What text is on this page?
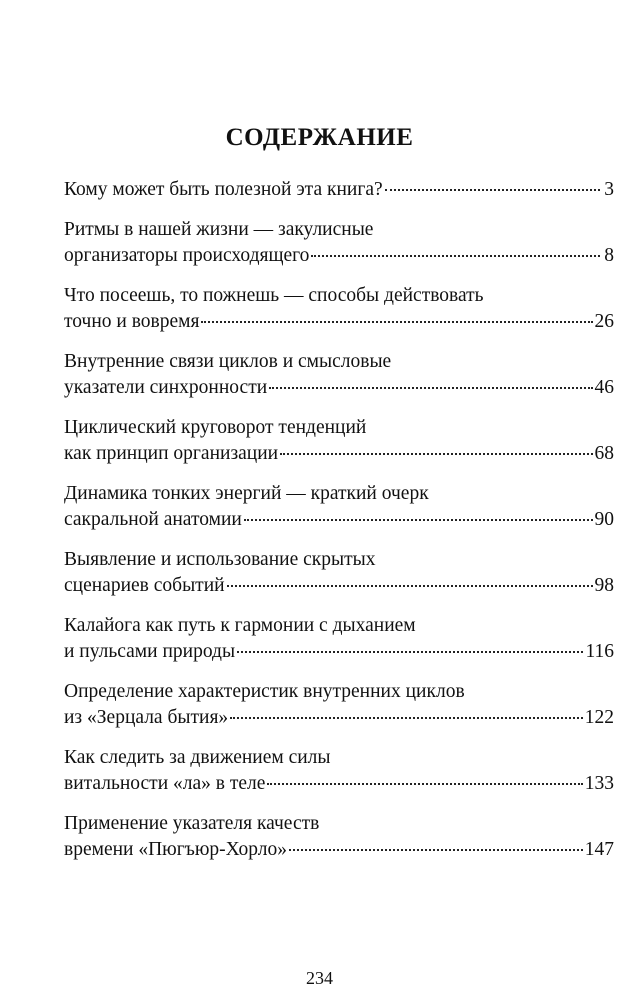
СОДЕРЖАНИЕ
Кому может быть полезной эта книга?	3
Ритмы в нашей жизни — закулисные
организаторы происходящего	8
Что посеешь, то пожнешь — способы действовать
точно и вовремя	26
Внутренние связи циклов и смысловые
указатели синхронности	46
Циклический круговорот тенденций
как принцип организации	68
Динамика тонких энергий — краткий очерк
сакральной анатомии	90
Выявление и использование скрытых
сценариев событий	98
Калайога как путь к гармонии с дыханием
и пульсами природы	116
Определение характеристик внутренних циклов
из «Зерцала бытия»	122
Как следить за движением силы
витальности «ла» в теле	133
Применение указателя качеств
времени «Пюгъюр-Хорло»	147
234
